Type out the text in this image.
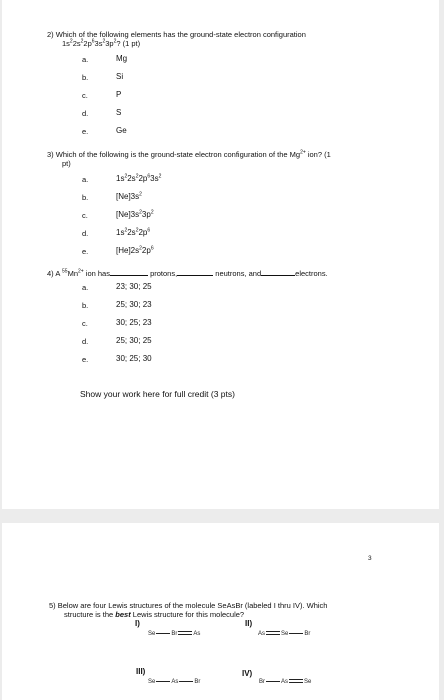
2) Which of the following elements has the ground-state electron configuration
$1s^22s^22p^63s^23p^2$? (1 pt)
a.	Mg
b.	Si
c.	P
d.	S
e.	Ge
3) Which of the following is the ground-state electron configuration of the $Mg^{2+}$ ion? (1
pt)
a.	$1s^22s^22p^63s^2$
b.	$[Ne]3s^2$
c.	$[Ne]3s^23p^2$
d.	$1s^22s^22p^6$
e.	$[He]2s^22p^6$
4) A $^{55}Mn^{2+}$ ion has	protons,	neutrons, and	electrons.
a.	23; 30; 25
b.	25; 30; 23
c.	30; 25; 23
d.	25; 30; 25
e.	30; 25; 30
Show your work here for full credit (3 pts)
3
5) Below are four Lewis structures of the molecule SeAsBr (labeled I thru IV). Which
structure is the best Lewis structure for this molecule?
I)
Se	Br	As
II)
As	Se	Br
III)
Se	As	Br
IV)
Br	As	Se
